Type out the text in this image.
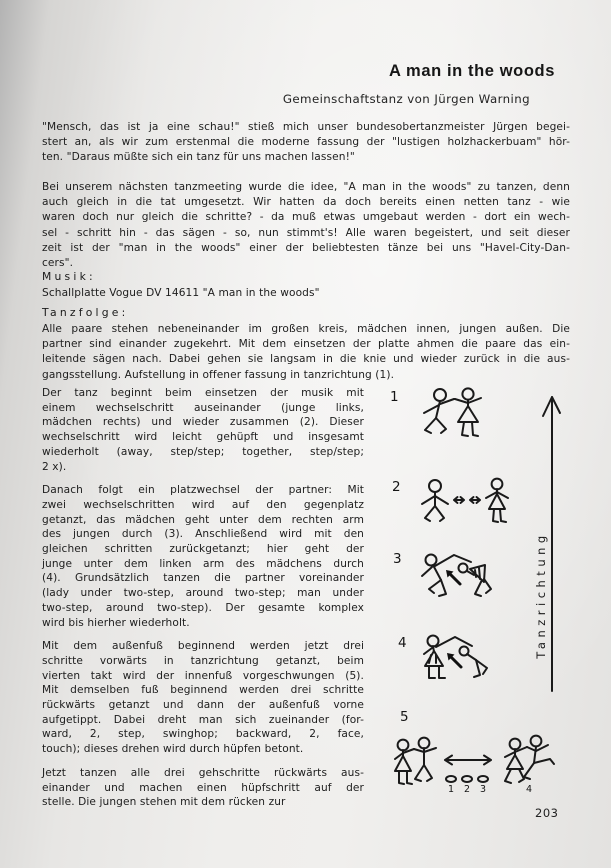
A man in the woods
Gemeinschaftstanz von Jürgen Warning
"Mensch, das ist ja eine schau!" stieß mich unser bundesobertanzmeister Jürgen begei-
stert an, als wir zum erstenmal die moderne fassung der "lustigen holzhackerbuam" hör-
ten. "Daraus müßte sich ein tanz für uns machen lassen!"
Bei unserem nächsten tanzmeeting wurde die idee, "A man in the woods" zu tanzen, denn
auch gleich in die tat umgesetzt. Wir hatten da doch bereits einen netten tanz - wie
waren doch nur gleich die schritte? - da muß etwas umgebaut werden - dort ein wech-
sel - schritt hin - das sägen - so, nun stimmt's! Alle waren begeistert, und seit dieser
zeit ist der "man in the woods" einer der beliebtesten tänze bei uns "Havel-City-Dan-
cers".
Musik:
Schallplatte Vogue DV 14611 "A man in the woods"
Tanzfolge:
Alle paare stehen nebeneinander im großen kreis, mädchen innen, jungen außen. Die
partner sind einander zugekehrt. Mit dem einsetzen der platte ahmen die paare das ein-
leitende sägen nach. Dabei gehen sie langsam in die knie und wieder zurück in die aus-
gangsstellung. Aufstellung in offener fassung in tanzrichtung (1).
Der tanz beginnt beim einsetzen der musik mit
einem wechselschritt auseinander (junge links,
mädchen rechts) und wieder zusammen (2). Dieser
wechselschritt wird leicht gehüpft und insgesamt
wiederholt (away, step/step; together, step/step;
2 x).
Danach folgt ein platzwechsel der partner: Mit
zwei wechselschritten wird auf den gegenplatz
getanzt, das mädchen geht unter dem rechten arm
des jungen durch (3). Anschließend wird mit den
gleichen schritten zurückgetanzt; hier geht der
junge unter dem linken arm des mädchens durch
(4). Grundsätzlich tanzen die partner voreinander
(lady under two-step, around two-step; man under
two-step, around two-step). Der gesamte komplex
wird bis hierher wiederholt.
Mit dem außenfuß beginnend werden jetzt drei
schritte vorwärts in tanzrichtung getanzt, beim
vierten takt wird der innenfuß vorgeschwungen (5).
Mit demselben fuß beginnend werden drei schritte
rückwärts getanzt und dann der außenfuß vorne
aufgetippt. Dabei dreht man sich zueinander (for-
ward, 2, step, swinghop; backward, 2, face,
touch); dieses drehen wird durch hüpfen betont.
Jetzt tanzen alle drei gehschritte rückwärts aus-
einander und machen einen hüpfschritt auf der
stelle. Die jungen stehen mit dem rücken zur
1
2
3
4
5
1 2 3	4
Tanzrichtung
203
